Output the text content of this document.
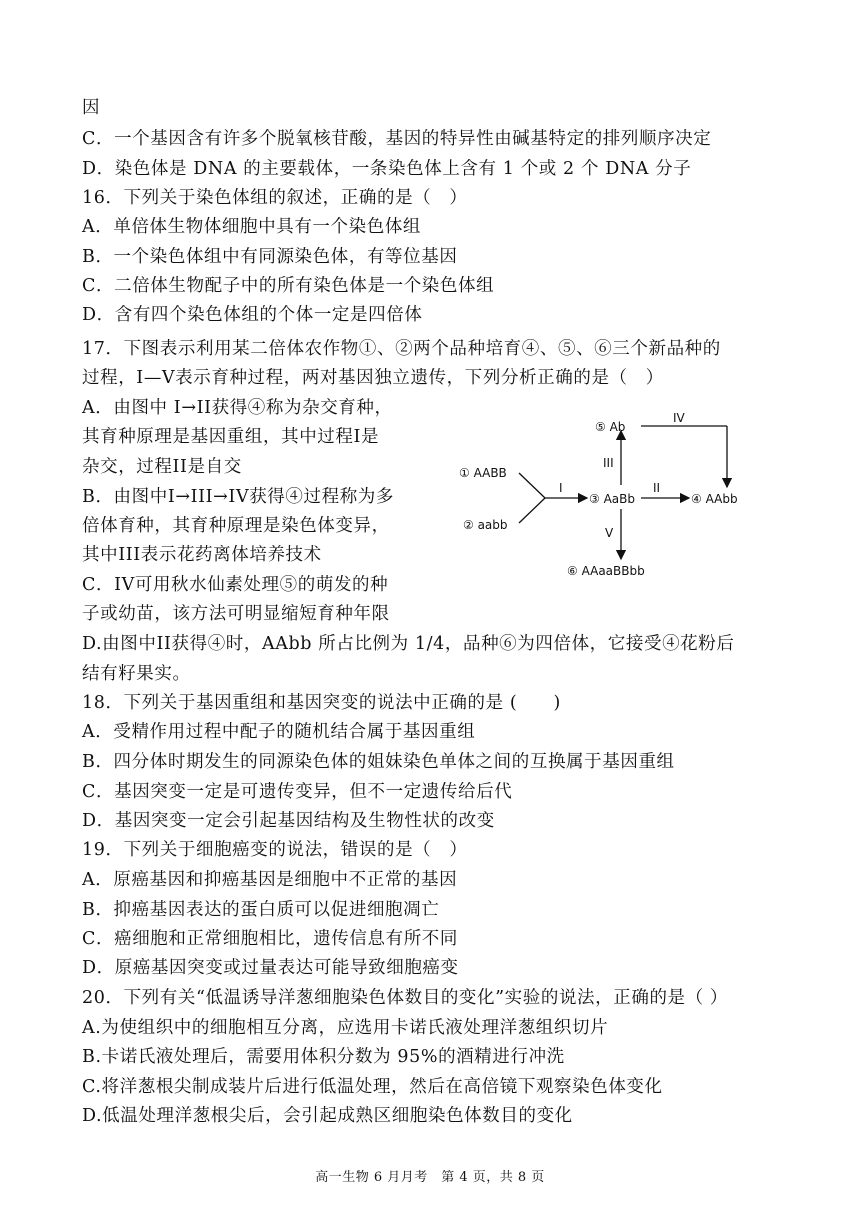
因
C．一个基因含有许多个脱氧核苷酸，基因的特异性由碱基特定的排列顺序决定
D．染色体是 DNA 的主要载体，一条染色体上含有 1 个或 2 个 DNA 分子
16．下列关于染色体组的叙述，正确的是（　）
A．单倍体生物体细胞中具有一个染色体组
B．一个染色体组中有同源染色体，有等位基因
C．二倍体生物配子中的所有染色体是一个染色体组
D．含有四个染色体组的个体一定是四倍体
17．下图表示利用某二倍体农作物①、②两个品种培育④、⑤、⑥三个新品种的
过程，I—V表示育种过程，两对基因独立遗传，下列分析正确的是（　）
A．由图中 I→II获得④称为杂交育种，
其育种原理是基因重组，其中过程I是
杂交，过程II是自交
B．由图中I→III→IV获得④过程称为多
倍体育种，其育种原理是染色体变异，
其中III表示花药离体培养技术
C．IV可用秋水仙素处理⑤的萌发的种
子或幼苗，该方法可明显缩短育种年限
D.由图中II获得④时，AAbb 所占比例为 1/4，品种⑥为四倍体，它接受④花粉后
结有籽果实。
18．下列关于基因重组和基因突变的说法中正确的是 (　　)
A．受精作用过程中配子的随机结合属于基因重组
B．四分体时期发生的同源染色体的姐妹染色单体之间的互换属于基因重组
C．基因突变一定是可遗传变异，但不一定遗传给后代
D．基因突变一定会引起基因结构及生物性状的改变
19．下列关于细胞癌变的说法，错误的是（　）
A．原癌基因和抑癌基因是细胞中不正常的基因
B．抑癌基因表达的蛋白质可以促进细胞凋亡
C．癌细胞和正常细胞相比，遗传信息有所不同
D．原癌基因突变或过量表达可能导致细胞癌变
20．下列有关“低温诱导洋葱细胞染色体数目的变化”实验的说法，正确的是（ ）
A.为使组织中的细胞相互分离，应选用卡诺氏液处理洋葱组织切片
B.卡诺氏液处理后，需要用体积分数为 95%的酒精进行冲洗
C.将洋葱根尖制成装片后进行低温处理，然后在高倍镜下观察染色体变化
D.低温处理洋葱根尖后，会引起成熟区细胞染色体数目的变化
① AABB
② aabb
③ AaBb	④ AAbb
⑤ Ab
⑥ AAaaBBbb
I	II
III
IV
V
高一生物 6 月月考　第 4 页，共 8 页
